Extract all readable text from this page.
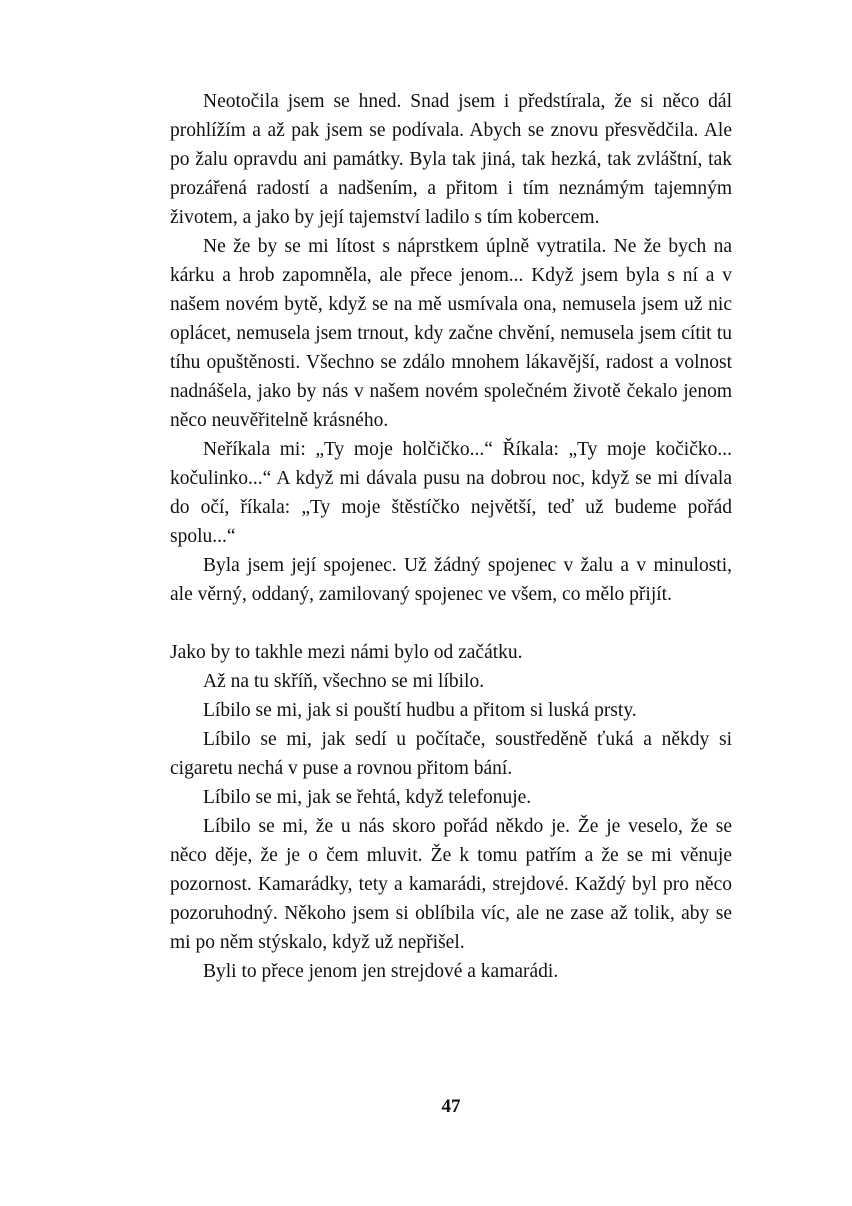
Neotočila jsem se hned. Snad jsem i předstírala, že si něco dál prohlížím a až pak jsem se podívala. Abych se znovu přesvědčila. Ale po žalu opravdu ani památky. Byla tak jiná, tak hezká, tak zvláštní, tak prozářená radostí a nadšením, a přitom i tím neznámým tajemným životem, a jako by její tajemství ladilo s tím kobercem.

Ne že by se mi lítost s náprstkem úplně vytratila. Ne že bych na kárku a hrob zapomněla, ale přece jenom... Když jsem byla s ní a v našem novém bytě, když se na mě usmívala ona, nemusela jsem už nic oplácet, nemusela jsem trnout, kdy začne chvění, nemusela jsem cítit tu tíhu opuštěnosti. Všechno se zdálo mnohem lákavější, radost a volnost nadnášela, jako by nás v našem novém společném životě čekalo jenom něco neuvěřitelně krásného.

Neříkala mi: „Ty moje holčičko...“ Říkala: „Ty moje kočičko... kočulinko...“ A když mi dávala pusu na dobrou noc, když se mi dívala do očí, říkala: „Ty moje štěstíčko největší, teď už budeme pořád spolu...“

Byla jsem její spojenec. Už žádný spojenec v žalu a v minulosti, ale věrný, oddaný, zamilovaný spojenec ve všem, co mělo přijít.

Jako by to takhle mezi námi bylo od začátku.

Až na tu skříň, všechno se mi líbilo.

Líbilo se mi, jak si pouští hudbu a přitom si luská prsty.

Líbilo se mi, jak sedí u počítače, soustředěně ťuká a někdy si cigaretu nechá v puse a rovnou přitom bání.

Líbilo se mi, jak se řehtá, když telefonuje.

Líbilo se mi, že u nás skoro pořád někdo je. Že je veselo, že se něco děje, že je o čem mluvit. Že k tomu patřím a že se mi věnuje pozornost. Kamarádky, tety a kamarádi, strejdové. Každý byl pro něco pozoruhodný. Někoho jsem si oblíbila víc, ale ne zase až tolik, aby se mi po něm stýskalo, když už nepřišel.

Byli to přece jenom jen strejdové a kamarádi.

47
